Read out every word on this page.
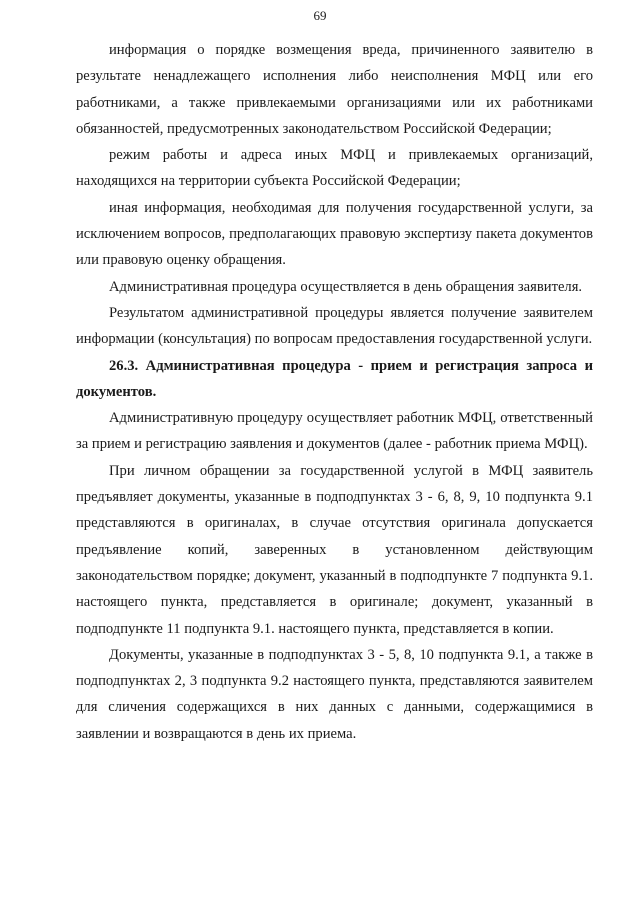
69

информация о порядке возмещения вреда, причиненного заявителю в результате ненадлежащего исполнения либо неисполнения МФЦ или его работниками, а также привлекаемыми организациями или их работниками обязанностей, предусмотренных законодательством Российской Федерации;

режим работы и адреса иных МФЦ и привлекаемых организаций, находящихся на территории субъекта Российской Федерации;

иная информация, необходимая для получения государственной услуги, за исключением вопросов, предполагающих правовую экспертизу пакета документов или правовую оценку обращения.

Административная процедура осуществляется в день обращения заявителя.

Результатом административной процедуры является получение заявителем информации (консультация) по вопросам предоставления государственной услуги.

26.3. Административная процедура - прием и регистрация запроса и документов.

Административную процедуру осуществляет работник МФЦ, ответственный за прием и регистрацию заявления и документов (далее - работник приема МФЦ).

При личном обращении за государственной услугой в МФЦ заявитель предъявляет документы, указанные в подподпунктах 3 - 6, 8, 9, 10 подпункта 9.1 представляются в оригиналах, в случае отсутствия оригинала допускается предъявление копий, заверенных в установленном действующим законодательством порядке; документ, указанный в подподпункте 7 подпункта 9.1. настоящего пункта, представляется в оригинале; документ, указанный в подподпункте 11 подпункта 9.1. настоящего пункта, представляется в копии.

Документы, указанные в подподпунктах 3 - 5, 8, 10 подпункта 9.1, а также в подподпунктах 2, 3 подпункта 9.2 настоящего пункта, представляются заявителем для сличения содержащихся в них данных с данными, содержащимися в заявлении и возвращаются в день их приема.
